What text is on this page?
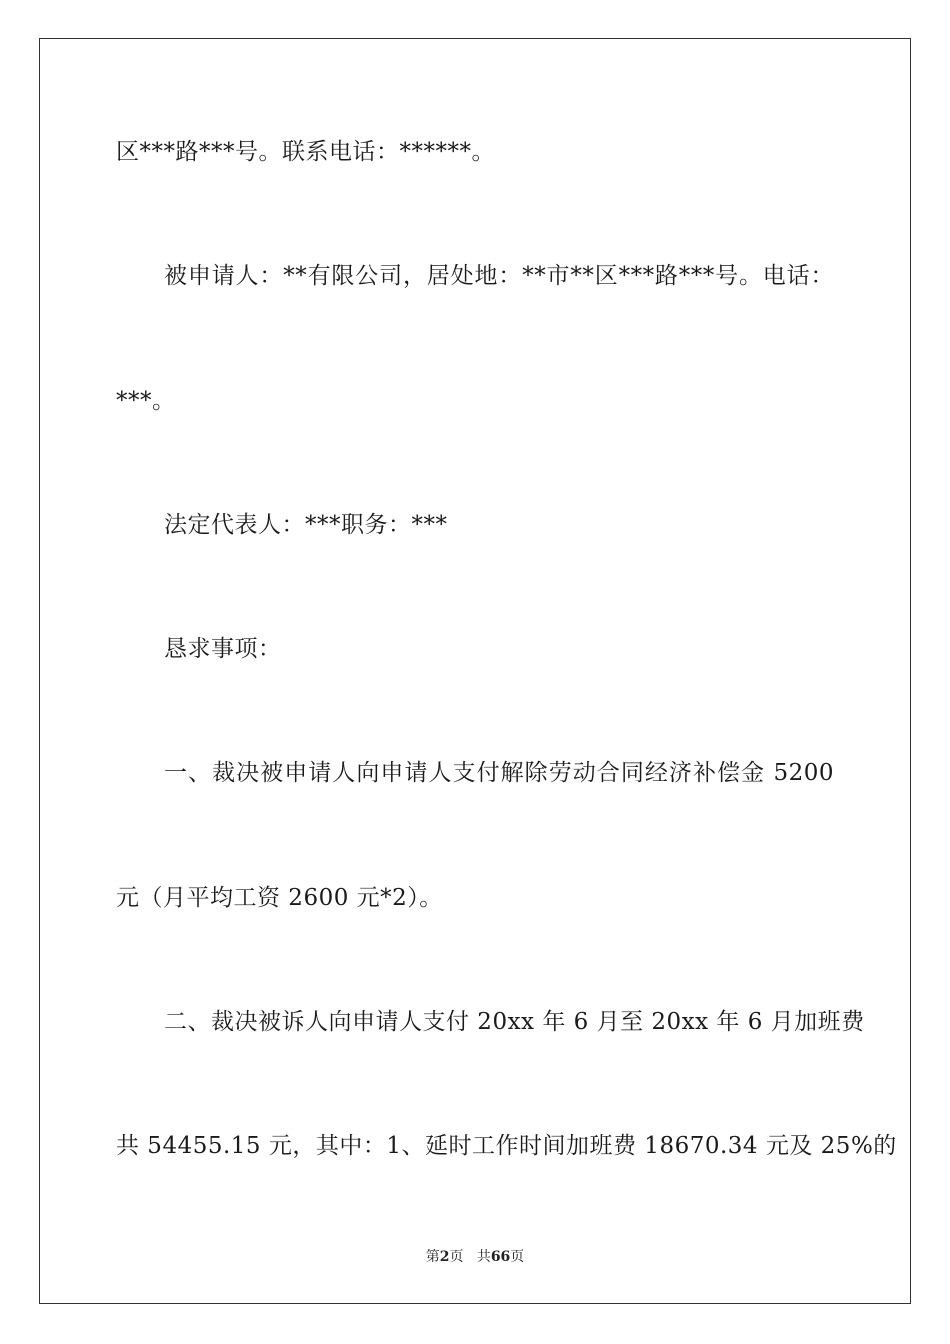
区***路***号。联系电话：******。
被申请人：**有限公司，居处地：**市**区***路***号。电话：
***。
法定代表人：***职务：***
恳求事项：
一、裁决被申请人向申请人支付解除劳动合同经济补偿金 5200
元（月平均工资 2600 元*2）。
二、裁决被诉人向申请人支付 20xx 年 6 月至 20xx 年 6 月加班费
共 54455.15 元，其中：1、延时工作时间加班费 18670.34 元及 25%的
第2页 共66页
